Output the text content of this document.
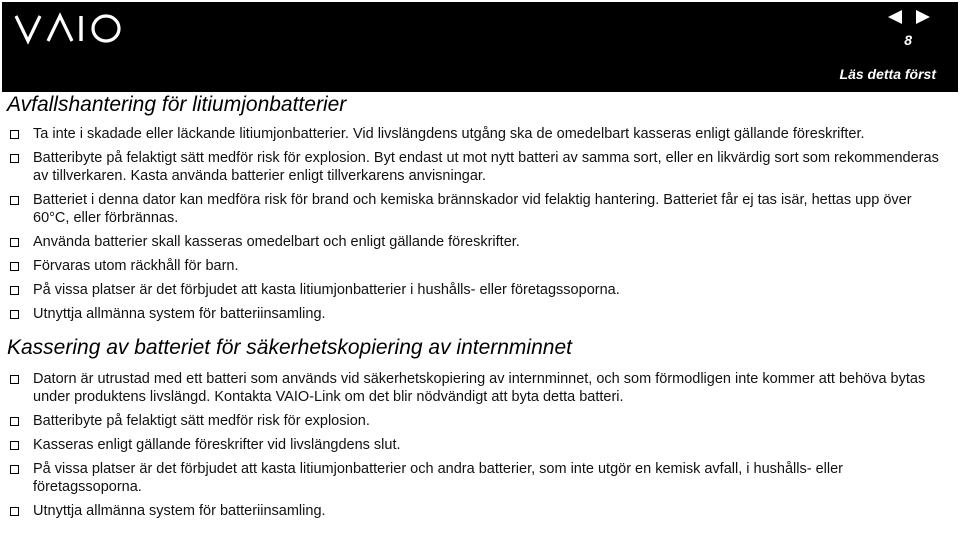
8
Läs detta först
Avfallshantering för litiumjonbatterier
Ta inte i skadade eller läckande litiumjonbatterier. Vid livslängdens utgång ska de omedelbart kasseras enligt gällande föreskrifter.
Batteribyte på felaktigt sätt medför risk för explosion. Byt endast ut mot nytt batteri av samma sort, eller en likvärdig sort som rekommenderas av tillverkaren. Kasta använda batterier enligt tillverkarens anvisningar.
Batteriet i denna dator kan medföra risk för brand och kemiska brännskador vid felaktig hantering. Batteriet får ej tas isär, hettas upp över 60°C, eller förbrännas.
Använda batterier skall kasseras omedelbart och enligt gällande föreskrifter.
Förvaras utom räckhåll för barn.
På vissa platser är det förbjudet att kasta litiumjonbatterier i hushålls- eller företagssoporna.
Utnyttja allmänna system för batteriinsamling.
Kassering av batteriet för säkerhetskopiering av internminnet
Datorn är utrustad med ett batteri som används vid säkerhetskopiering av internminnet, och som förmodligen inte kommer att behöva bytas under produktens livslängd. Kontakta VAIO-Link om det blir nödvändigt att byta detta batteri.
Batteribyte på felaktigt sätt medför risk för explosion.
Kasseras enligt gällande föreskrifter vid livslängdens slut.
På vissa platser är det förbjudet att kasta litiumjonbatterier och andra batterier, som inte utgör en kemisk avfall, i hushålls- eller företagssoporna.
Utnyttja allmänna system för batteriinsamling.
